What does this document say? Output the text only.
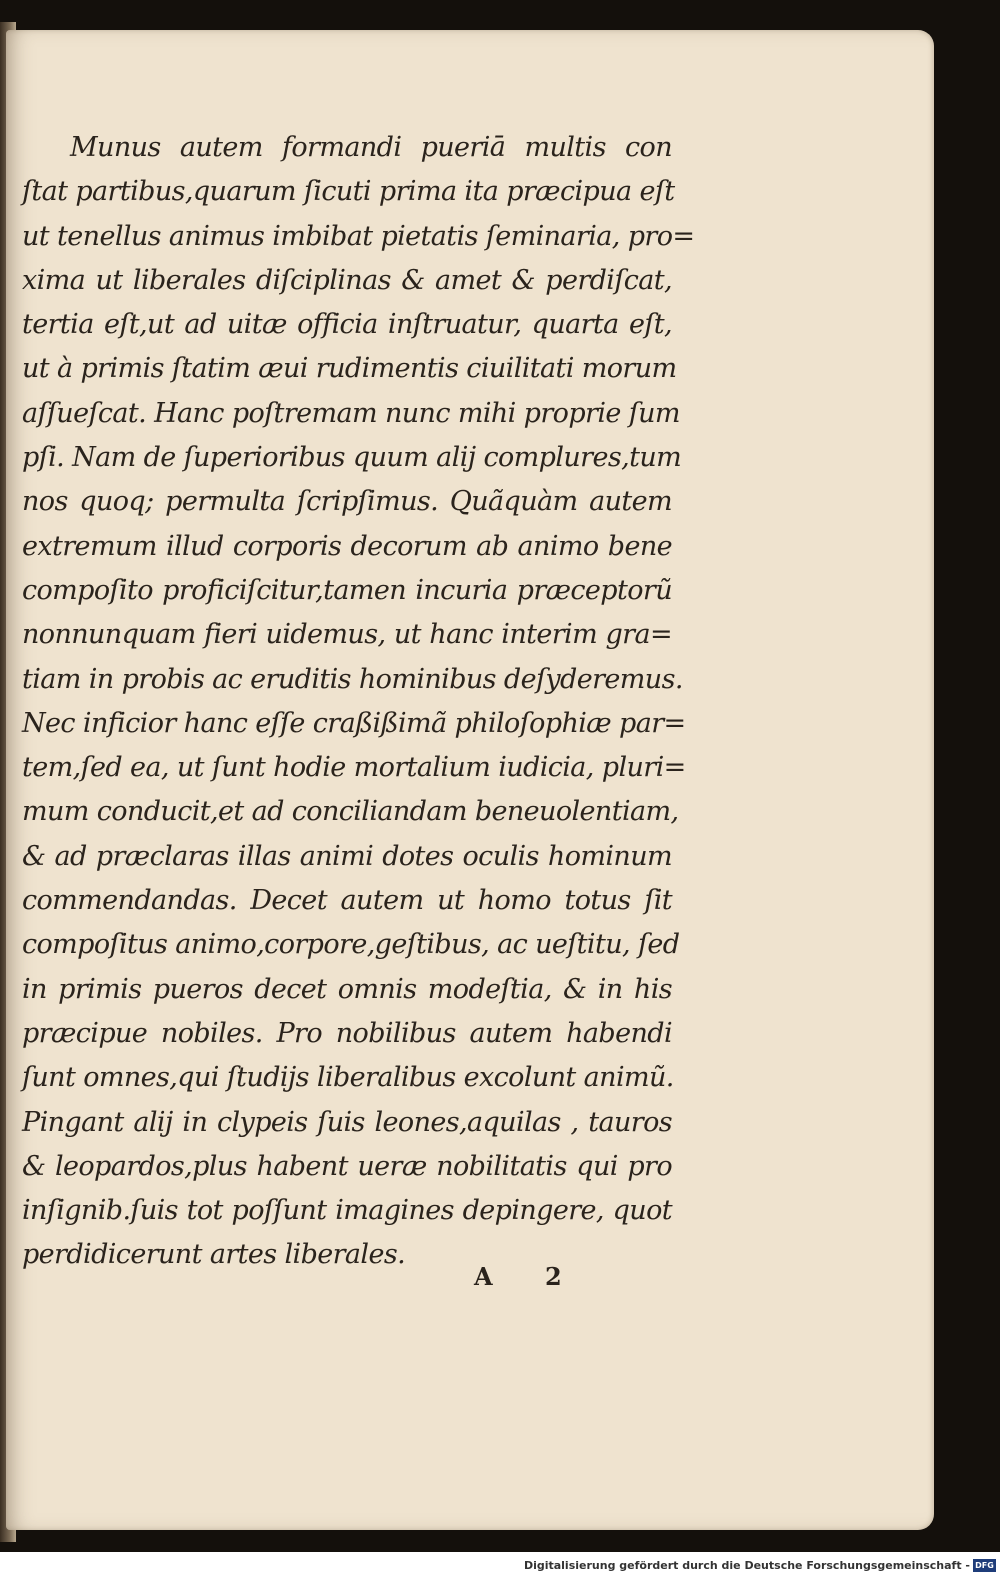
Munus autem formandi pueriā multis con
ſtat partibus,quarum ſicuti prima ita præcipua eſt
ut tenellus animus imbibat pietatis ſeminaria, pro=
xima ut liberales diſciplinas & amet & perdiſcat,
tertia eſt,ut ad uitæ officia inſtruatur, quarta eſt,
ut à primis ſtatim æui rudimentis ciuilitati morum
aſſueſcat. Hanc poſtremam nunc mihi proprie ſum
pſi. Nam de ſuperioribus quum alij complures,tum
nos quoq; permulta ſcripſimus. Quãquàm autem
extremum illud corporis decorum ab animo bene
compoſito proficiſcitur,tamen incuria præceptorũ
nonnunquam fieri uidemus, ut hanc interim gra=
tiam in probis ac eruditis hominibus deſyderemus.
Nec inficior hanc eſſe craßißimã philoſophiæ par=
tem,ſed ea, ut ſunt hodie mortalium iudicia, pluri=
mum conducit,et ad conciliandam beneuolentiam,
& ad præclaras illas animi dotes oculis hominum
commendandas. Decet autem ut homo totus ſit
compoſitus animo,corpore,geſtibus, ac ueſtitu, ſed
in primis pueros decet omnis modeſtia, & in his
præcipue nobiles. Pro nobilibus autem habendi
ſunt omnes,qui ſtudijs liberalibus excolunt animũ.
Pingant alij in clypeis ſuis leones,aquilas , tauros
& leopardos,plus habent ueræ nobilitatis qui pro
inſignib.ſuis tot poſſunt imagines depingere, quot
perdidicerunt artes liberales.
A 2
Digitalisierung gefördert durch die Deutsche Forschungsgemeinschaft - DFG
